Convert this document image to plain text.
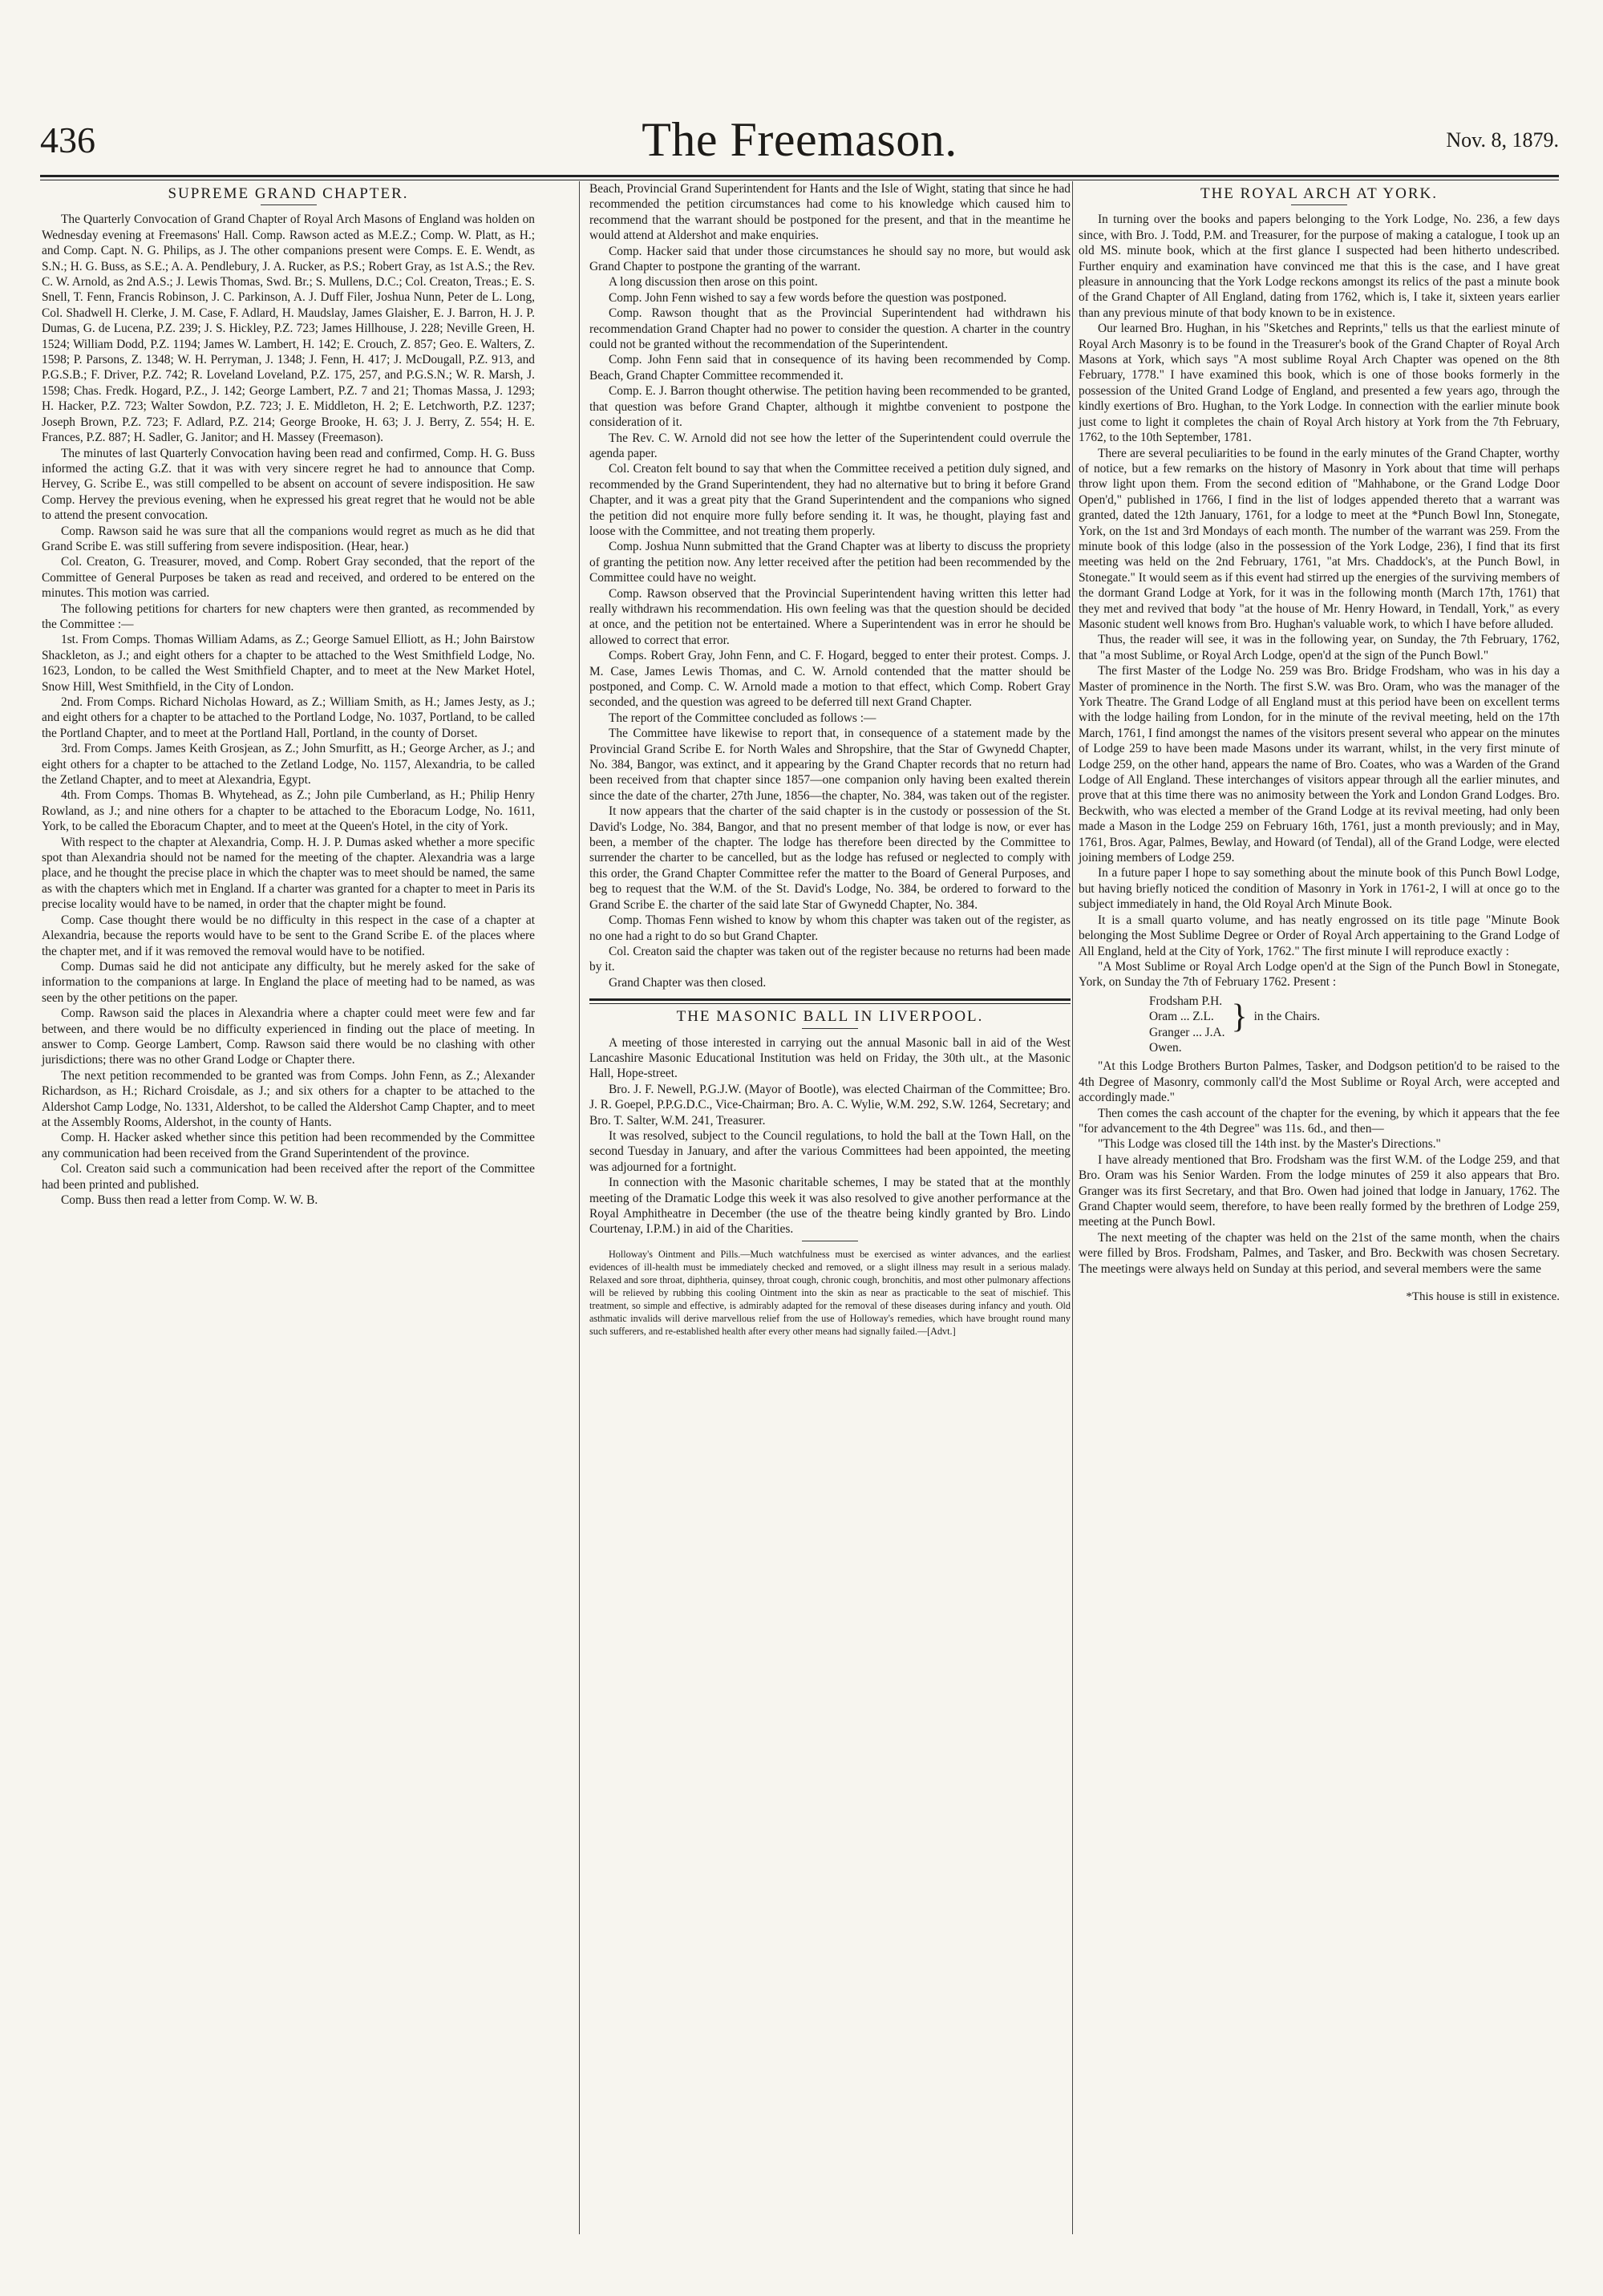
436	The Freemason.	Nov. 8, 1879.
SUPREME GRAND CHAPTER.

The Quarterly Convocation of Grand Chapter of Royal Arch Masons of England was holden on Wednesday evening at Freemasons' Hall. Comp. Rawson acted as M.E.Z.; Comp. W. Platt, as H.; and Comp. Capt. N. G. Philips, as J. The other companions present were Comps. E. E. Wendt, as S.N.; H. G. Buss, as S.E.; A. A. Pendlebury, J. A. Rucker, as P.S.; Robert Gray, as 1st A.S.; the Rev. C. W. Arnold, as 2nd A.S.; J. Lewis Thomas, Swd. Br.; S. Mullens, D.C.; Col. Creaton, Treas.; E. S. Snell, T. Fenn, Francis Robinson, J. C. Parkinson, A. J. Duff Filer, Joshua Nunn, Peter de L. Long, Col. Shadwell H. Clerke, J. M. Case, F. Adlard, H. Maudslay, James Glaisher, E. J. Barron, H. J. P. Dumas, G. de Lucena, P.Z. 239; J. S. Hickley, P.Z. 723; James Hillhouse, J. 228; Neville Green, H. 1524; William Dodd, P.Z. 1194; James W. Lambert, H. 142; E. Crouch, Z. 857; Geo. E. Walters, Z. 1598; P. Parsons, Z. 1348; W. H. Perryman, J. 1348; J. Fenn, H. 417; J. McDougall, P.Z. 913, and P.G.S.B.; F. Driver, P.Z. 742; R. Loveland Loveland, P.Z. 175, 257, and P.G.S.N.; W. R. Marsh, J. 1598; Chas. Fredk. Hogard, P.Z., J. 142; George Lambert, P.Z. 7 and 21; Thomas Massa, J. 1293; H. Hacker, P.Z. 723; Walter Sowdon, P.Z. 723; J. E. Middleton, H. 2; E. Letchworth, P.Z. 1237; Joseph Brown, P.Z. 723; F. Adlard, P.Z. 214; George Brooke, H. 63; J. J. Berry, Z. 554; H. E. Frances, P.Z. 887; H. Sadler, G. Janitor; and H. Massey (Freemason).

The minutes of last Quarterly Convocation having been read and confirmed, Comp. H. G. Buss informed the acting G.Z. that it was with very sincere regret he had to announce that Comp. Hervey, G. Scribe E., was still compelled to be absent on account of severe indisposition. He saw Comp. Hervey the previous evening, when he expressed his great regret that he would not be able to attend the present convocation.

Comp. Rawson said he was sure that all the companions would regret as much as he did that Grand Scribe E. was still suffering from severe indisposition. (Hear, hear.)

Col. Creaton, G. Treasurer, moved, and Comp. Robert Gray seconded, that the report of the Committee of General Purposes be taken as read and received, and ordered to be entered on the minutes. This motion was carried.

The following petitions for charters for new chapters were then granted, as recommended by the Committee :—

1st. From Comps. Thomas William Adams, as Z.; George Samuel Elliott, as H.; John Bairstow Shackleton, as J.; and eight others for a chapter to be attached to the West Smithfield Lodge, No. 1623, London, to be called the West Smithfield Chapter, and to meet at the New Market Hotel, Snow Hill, West Smithfield, in the City of London.

2nd. From Comps. Richard Nicholas Howard, as Z.; William Smith, as H.; James Jesty, as J.; and eight others for a chapter to be attached to the Portland Lodge, No. 1037, Portland, to be called the Portland Chapter, and to meet at the Portland Hall, Portland, in the county of Dorset.

3rd. From Comps. James Keith Grosjean, as Z.; John Smurfitt, as H.; George Archer, as J.; and eight others for a chapter to be attached to the Zetland Lodge, No. 1157, Alexandria, to be called the Zetland Chapter, and to meet at Alexandria, Egypt.

4th. From Comps. Thomas B. Whytehead, as Z.; John pile Cumberland, as H.; Philip Henry Rowland, as J.; and nine others for a chapter to be attached to the Eboracum Lodge, No. 1611, York, to be called the Eboracum Chapter, and to meet at the Queen's Hotel, in the city of York.

With respect to the chapter at Alexandria, Comp. H. J. P. Dumas asked whether a more specific spot than Alexandria should not be named for the meeting of the chapter. Alexandria was a large place, and he thought the precise place in which the chapter was to meet should be named, the same as with the chapters which met in England. If a charter was granted for a chapter to meet in Paris its precise locality would have to be named, in order that the chapter might be found.

Comp. Case thought there would be no difficulty in this respect in the case of a chapter at Alexandria, because the reports would have to be sent to the Grand Scribe E. of the places where the chapter met, and if it was removed the removal would have to be notified.

Comp. Dumas said he did not anticipate any difficulty, but he merely asked for the sake of information to the companions at large. In England the place of meeting had to be named, as was seen by the other petitions on the paper.

Comp. Rawson said the places in Alexandria where a chapter could meet were few and far between, and there would be no difficulty experienced in finding out the place of meeting. In answer to Comp. George Lambert, Comp. Rawson said there would be no clashing with other jurisdictions; there was no other Grand Lodge or Chapter there.

The next petition recommended to be granted was from Comps. John Fenn, as Z.; Alexander Richardson, as H.; Richard Croisdale, as J.; and six others for a chapter to be attached to the Aldershot Camp Lodge, No. 1331, Aldershot, to be called the Aldershot Camp Chapter, and to meet at the Assembly Rooms, Aldershot, in the county of Hants.

Comp. H. Hacker asked whether since this petition had been recommended by the Committee any communication had been received from the Grand Superintendent of the province.

Col. Creaton said such a communication had been received after the report of the Committee had been printed and published.

Comp. Buss then read a letter from Comp. W. W. B.

Beach, Provincial Grand Superintendent for Hants and the Isle of Wight, stating that since he had recommended the petition circumstances had come to his knowledge which caused him to recommend that the warrant should be postponed for the present, and that in the meantime he would attend at Aldershot and make enquiries.

Comp. Hacker said that under those circumstances he should say no more, but would ask Grand Chapter to postpone the granting of the warrant.

A long discussion then arose on this point.

Comp. John Fenn wished to say a few words before the question was postponed.

Comp. Rawson thought that as the Provincial Superintendent had withdrawn his recommendation Grand Chapter had no power to consider the question. A charter in the country could not be granted without the recommendation of the Superintendent.

Comp. John Fenn said that in consequence of its having been recommended by Comp. Beach, Grand Chapter Committee recommended it.

Comp. E. J. Barron thought otherwise. The petition having been recommended to be granted, that question was before Grand Chapter, although it mightbe convenient to postpone the consideration of it.

The Rev. C. W. Arnold did not see how the letter of the Superintendent could overrule the agenda paper.

Col. Creaton felt bound to say that when the Committee received a petition duly signed, and recommended by the Grand Superintendent, they had no alternative but to bring it before Grand Chapter, and it was a great pity that the Grand Superintendent and the companions who signed the petition did not enquire more fully before sending it. It was, he thought, playing fast and loose with the Committee, and not treating them properly.

Comp. Joshua Nunn submitted that the Grand Chapter was at liberty to discuss the propriety of granting the petition now. Any letter received after the petition had been recommended by the Committee could have no weight.

Comp. Rawson observed that the Provincial Superintendent having written this letter had really withdrawn his recommendation. His own feeling was that the question should be decided at once, and the petition not be entertained. Where a Superintendent was in error he should be allowed to correct that error.

Comps. Robert Gray, John Fenn, and C. F. Hogard, begged to enter their protest. Comps. J. M. Case, James Lewis Thomas, and C. W. Arnold contended that the matter should be postponed, and Comp. C. W. Arnold made a motion to that effect, which Comp. Robert Gray seconded, and the question was agreed to be deferred till next Grand Chapter.

The report of the Committee concluded as follows :—

The Committee have likewise to report that, in consequence of a statement made by the Provincial Grand Scribe E. for North Wales and Shropshire, that the Star of Gwynedd Chapter, No. 384, Bangor, was extinct, and it appearing by the Grand Chapter records that no return had been received from that chapter since 1857—one companion only having been exalted therein since the date of the charter, 27th June, 1856—the chapter, No. 384, was taken out of the register.

It now appears that the charter of the said chapter is in the custody or possession of the St. David's Lodge, No. 384, Bangor, and that no present member of that lodge is now, or ever has been, a member of the chapter. The lodge has therefore been directed by the Committee to surrender the charter to be cancelled, but as the lodge has refused or neglected to comply with this order, the Grand Chapter Committee refer the matter to the Board of General Purposes, and beg to request that the W.M. of the St. David's Lodge, No. 384, be ordered to forward to the Grand Scribe E. the charter of the said late Star of Gwynedd Chapter, No. 384.

Comp. Thomas Fenn wished to know by whom this chapter was taken out of the register, as no one had a right to do so but Grand Chapter.

Col. Creaton said the chapter was taken out of the register because no returns had been made by it.

Grand Chapter was then closed.

THE MASONIC BALL IN LIVERPOOL.

A meeting of those interested in carrying out the annual Masonic ball in aid of the West Lancashire Masonic Educational Institution was held on Friday, the 30th ult., at the Masonic Hall, Hope-street.

Bro. J. F. Newell, P.G.J.W. (Mayor of Bootle), was elected Chairman of the Committee; Bro. J. R. Goepel, P.P.G.D.C., Vice-Chairman; Bro. A. C. Wylie, W.M. 292, S.W. 1264, Secretary; and Bro. T. Salter, W.M. 241, Treasurer.

It was resolved, subject to the Council regulations, to hold the ball at the Town Hall, on the second Tuesday in January, and after the various Committees had been appointed, the meeting was adjourned for a fortnight.

In connection with the Masonic charitable schemes, I may be stated that at the monthly meeting of the Dramatic Lodge this week it was also resolved to give another performance at the Royal Amphitheatre in December (the use of the theatre being kindly granted by Bro. Lindo Courtenay, I.P.M.) in aid of the Charities.

Holloway's Ointment and Pills.—Much watchfulness must be exercised as winter advances, and the earliest evidences of ill-health must be immediately checked and removed, or a slight illness may result in a serious malady. Relaxed and sore throat, diphtheria, quinsey, throat cough, chronic cough, bronchitis, and most other pulmonary affections will be relieved by rubbing this cooling Ointment into the skin as near as practicable to the seat of mischief. This treatment, so simple and effective, is admirably adapted for the removal of these diseases during infancy and youth. Old asthmatic invalids will derive marvellous relief from the use of Holloway's remedies, which have brought round many such sufferers, and re-established health after every other means had signally failed.—[Advt.]

THE ROYAL ARCH AT YORK.

In turning over the books and papers belonging to the York Lodge, No. 236, a few days since, with Bro. J. Todd, P.M. and Treasurer, for the purpose of making a catalogue, I took up an old MS. minute book, which at the first glance I suspected had been hitherto undescribed. Further enquiry and examination have convinced me that this is the case, and I have great pleasure in announcing that the York Lodge reckons amongst its relics of the past a minute book of the Grand Chapter of All England, dating from 1762, which is, I take it, sixteen years earlier than any previous minute of that body known to be in existence.

Our learned Bro. Hughan, in his "Sketches and Reprints," tells us that the earliest minute of Royal Arch Masonry is to be found in the Treasurer's book of the Grand Chapter of Royal Arch Masons at York, which says "A most sublime Royal Arch Chapter was opened on the 8th February, 1778." I have examined this book, which is one of those books formerly in the possession of the United Grand Lodge of England, and presented a few years ago, through the kindly exertions of Bro. Hughan, to the York Lodge. In connection with the earlier minute book just come to light it completes the chain of Royal Arch history at York from the 7th February, 1762, to the 10th September, 1781.

There are several peculiarities to be found in the early minutes of the Grand Chapter, worthy of notice, but a few remarks on the history of Masonry in York about that time will perhaps throw light upon them. From the second edition of "Mahhabone, or the Grand Lodge Door Open'd," published in 1766, I find in the list of lodges appended thereto that a warrant was granted, dated the 12th January, 1761, for a lodge to meet at the *Punch Bowl Inn, Stonegate, York, on the 1st and 3rd Mondays of each month. The number of the warrant was 259. From the minute book of this lodge (also in the possession of the York Lodge, 236), I find that its first meeting was held on the 2nd February, 1761, "at Mrs. Chaddock's, at the Punch Bowl, in Stonegate." It would seem as if this event had stirred up the energies of the surviving members of the dormant Grand Lodge at York, for it was in the following month (March 17th, 1761) that they met and revived that body "at the house of Mr. Henry Howard, in Tendall, York," as every Masonic student well knows from Bro. Hughan's valuable work, to which I have before alluded.

Thus, the reader will see, it was in the following year, on Sunday, the 7th February, 1762, that "a most Sublime, or Royal Arch Lodge, open'd at the sign of the Punch Bowl."

The first Master of the Lodge No. 259 was Bro. Bridge Frodsham, who was in his day a Master of prominence in the North. The first S.W. was Bro. Oram, who was the manager of the York Theatre. The Grand Lodge of all England must at this period have been on excellent terms with the lodge hailing from London, for in the minute of the revival meeting, held on the 17th March, 1761, I find amongst the names of the visitors present several who appear on the minutes of Lodge 259 to have been made Masons under its warrant, whilst, in the very first minute of Lodge 259, on the other hand, appears the name of Bro. Coates, who was a Warden of the Grand Lodge of All England. These interchanges of visitors appear through all the earlier minutes, and prove that at this time there was no animosity between the York and London Grand Lodges. Bro. Beckwith, who was elected a member of the Grand Lodge at its revival meeting, had only been made a Mason in the Lodge 259 on February 16th, 1761, just a month previously; and in May, 1761, Bros. Agar, Palmes, Bewlay, and Howard (of Tendal), all of the Grand Lodge, were elected joining members of Lodge 259.

In a future paper I hope to say something about the minute book of this Punch Bowl Lodge, but having briefly noticed the condition of Masonry in York in 1761-2, I will at once go to the subject immediately in hand, the Old Royal Arch Minute Book.

It is a small quarto volume, and has neatly engrossed on its title page "Minute Book belonging the Most Sublime Degree or Order of Royal Arch appertaining to the Grand Lodge of All England, held at the City of York, 1762." The first minute I will reproduce exactly :

"A Most Sublime or Royal Arch Lodge open'd at the Sign of the Punch Bowl in Stonegate, York, on Sunday the 7th of February 1762. Present :

Frodsham P.H.
Oram ... Z.L.
Granger ... J.A. } in the Chairs.
Owen.

"At this Lodge Brothers Burton Palmes, Tasker, and Dodgson petition'd to be raised to the 4th Degree of Masonry, commonly call'd the Most Sublime or Royal Arch, were accepted and accordingly made."

Then comes the cash account of the chapter for the evening, by which it appears that the fee "for advancement to the 4th Degree" was 11s. 6d., and then—

"This Lodge was closed till the 14th inst. by the Master's Directions."

I have already mentioned that Bro. Frodsham was the first W.M. of the Lodge 259, and that Bro. Oram was his Senior Warden. From the lodge minutes of 259 it also appears that Bro. Granger was its first Secretary, and that Bro. Owen had joined that lodge in January, 1762. The Grand Chapter would seem, therefore, to have been really formed by the brethren of Lodge 259, meeting at the Punch Bowl.

The next meeting of the chapter was held on the 21st of the same month, when the chairs were filled by Bros. Frodsham, Palmes, and Tasker, and Bro. Beckwith was chosen Secretary. The meetings were always held on Sunday at this period, and several members were the same

*This house is still in existence.
